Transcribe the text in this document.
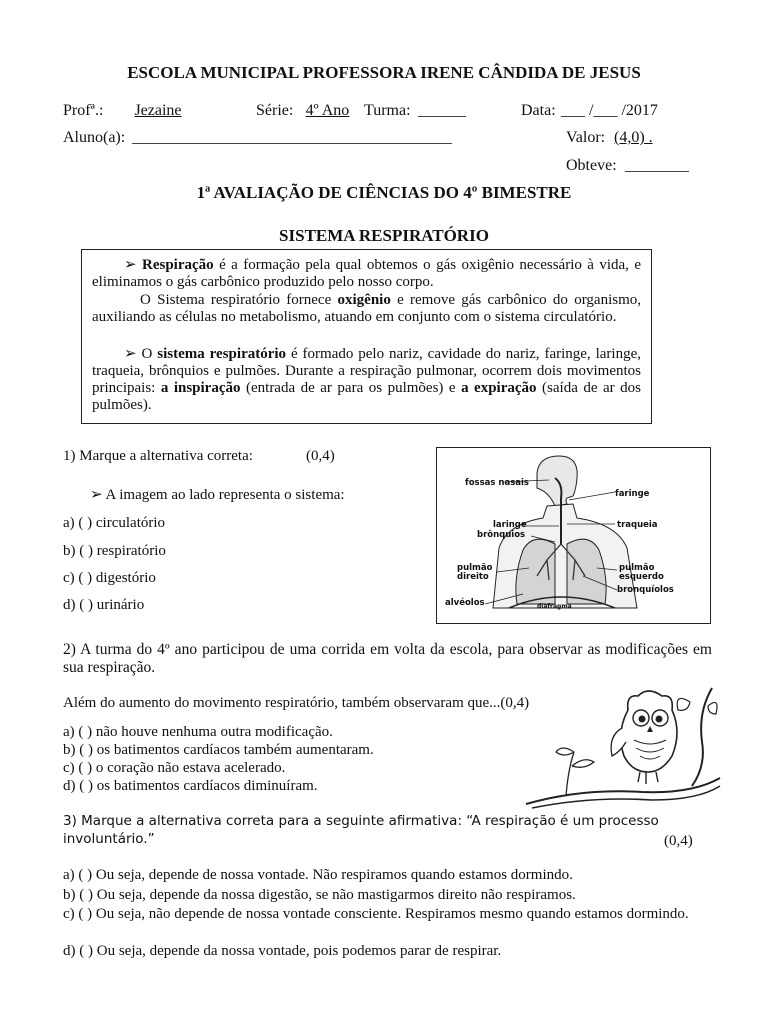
ESCOLA MUNICIPAL PROFESSORA IRENE CÂNDIDA DE JESUS
Profª.:	Jezaine	Série: 4º Ano Turma: ______	Data: ___ /___ /2017
Aluno(a): ________________________________________	Valor: (4,0) .
Obteve: ________
1ª AVALIAÇÃO DE CIÊNCIAS DO 4º BIMESTRE
SISTEMA RESPIRATÓRIO

➢ Respiração é a formação pela qual obtemos o gás oxigênio necessário à vida, e eliminamos o gás carbônico produzido pelo nosso corpo.

O Sistema respiratório fornece oxigênio e remove gás carbônico do organismo, auxiliando as células no metabolismo, atuando em conjunto com o sistema circulatório.

➢ O sistema respiratório é formado pelo nariz, cavidade do nariz, faringe, laringe, traqueia, brônquios e pulmões. Durante a respiração pulmonar, ocorrem dois movimentos principais: a inspiração (entrada de ar para os pulmões) e a expiração (saída de ar dos pulmões).

1) Marque a alternativa correta:	(0,4)
➢ A imagem ao lado representa o sistema:
a) ( ) circulatório
b) ( ) respiratório
c) ( ) digestório
d) ( ) urinário
fossas nasais
faringe
laringe
brônquios
traqueia
pulmão direito
pulmão esquerdo
bronquíolos
alvéolos	diafragma
2) A turma do 4º ano participou de uma corrida em volta da escola, para observar as modificações em sua respiração.
Além do aumento do movimento respiratório, também observaram que...(0,4)
a) ( ) não houve nenhuma outra modificação.
b) ( ) os batimentos cardíacos também aumentaram.
c) ( ) o coração não estava acelerado.
d) ( ) os batimentos cardíacos diminuíram.
3) Marque a alternativa correta para a seguinte afirmativa: “A respiração é um processo
involuntário.”	(0,4)
a) ( ) Ou seja, depende de nossa vontade. Não respiramos quando estamos dormindo.
b) ( ) Ou seja, depende da nossa digestão, se não mastigarmos direito não respiramos.
c) ( ) Ou seja, não depende de nossa vontade consciente. Respiramos mesmo quando estamos dormindo.
d) ( ) Ou seja, depende da nossa vontade, pois podemos parar de respirar.
